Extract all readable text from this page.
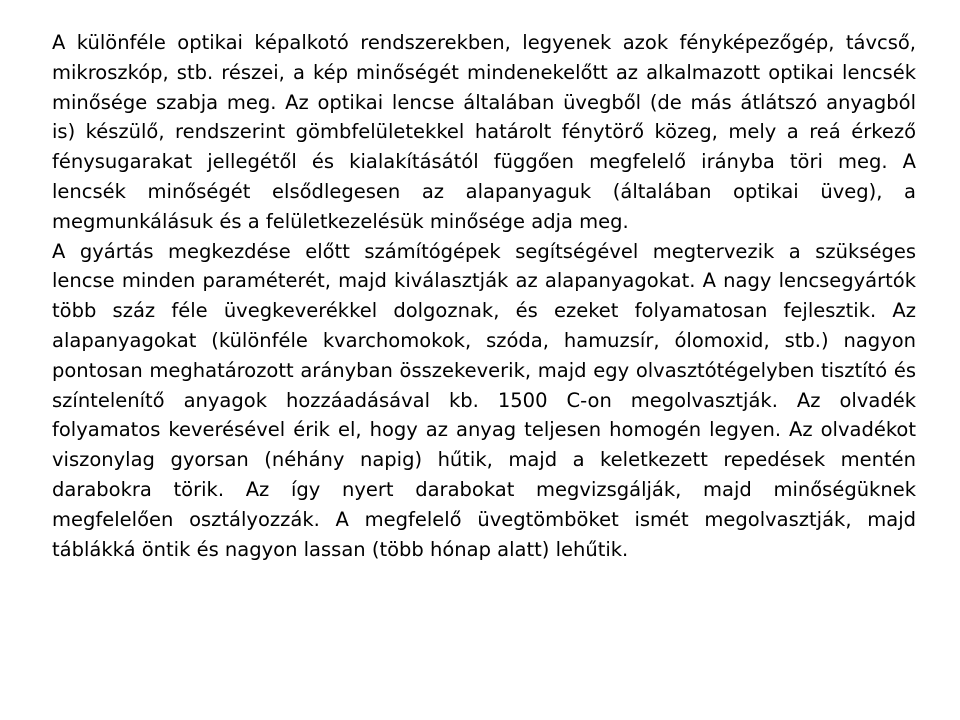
A különféle optikai képalkotó rendszerekben, legyenek azok fényképezőgép, távcső, mikroszkóp, stb. részei, a kép minőségét mindenekelőtt az alkalmazott optikai lencsék minősége szabja meg. Az optikai lencse általában üvegből (de más átlátszó anyagból is) készülő, rendszerint gömbfelületekkel határolt fénytörő közeg, mely a reá érkező fénysugarakat jellegétől és kialakításától függően megfelelő irányba töri meg. A lencsék minőségét elsődlegesen az alapanyaguk (általában optikai üveg), a megmunkálásuk és a felületkezelésük minősége adja meg.

A gyártás megkezdése előtt számítógépek segítségével megtervezik a szükséges lencse minden paraméterét, majd kiválasztják az alapanyagokat. A nagy lencsegyártók több száz féle üvegkeverékkel dolgoznak, és ezeket folyamatosan fejlesztik. Az alapanyagokat (különféle kvarchomokok, szóda, hamuzsír, ólomoxid, stb.) nagyon pontosan meghatározott arányban összekeverik, majd egy olvasztótégelyben tisztító és színtelenítő anyagok hozzáadásával kb. 1500 C-on megolvasztják. Az olvadék folyamatos keverésével érik el, hogy az anyag teljesen homogén legyen. Az olvadékot viszonylag gyorsan (néhány napig) hűtik, majd a keletkezett repedések mentén darabokra törik. Az így nyert darabokat megvizsgálják, majd minőségüknek megfelelően osztályozzák. A megfelelő üvegtömböket ismét megolvasztják, majd táblákká öntik és nagyon lassan (több hónap alatt) lehűtik.
